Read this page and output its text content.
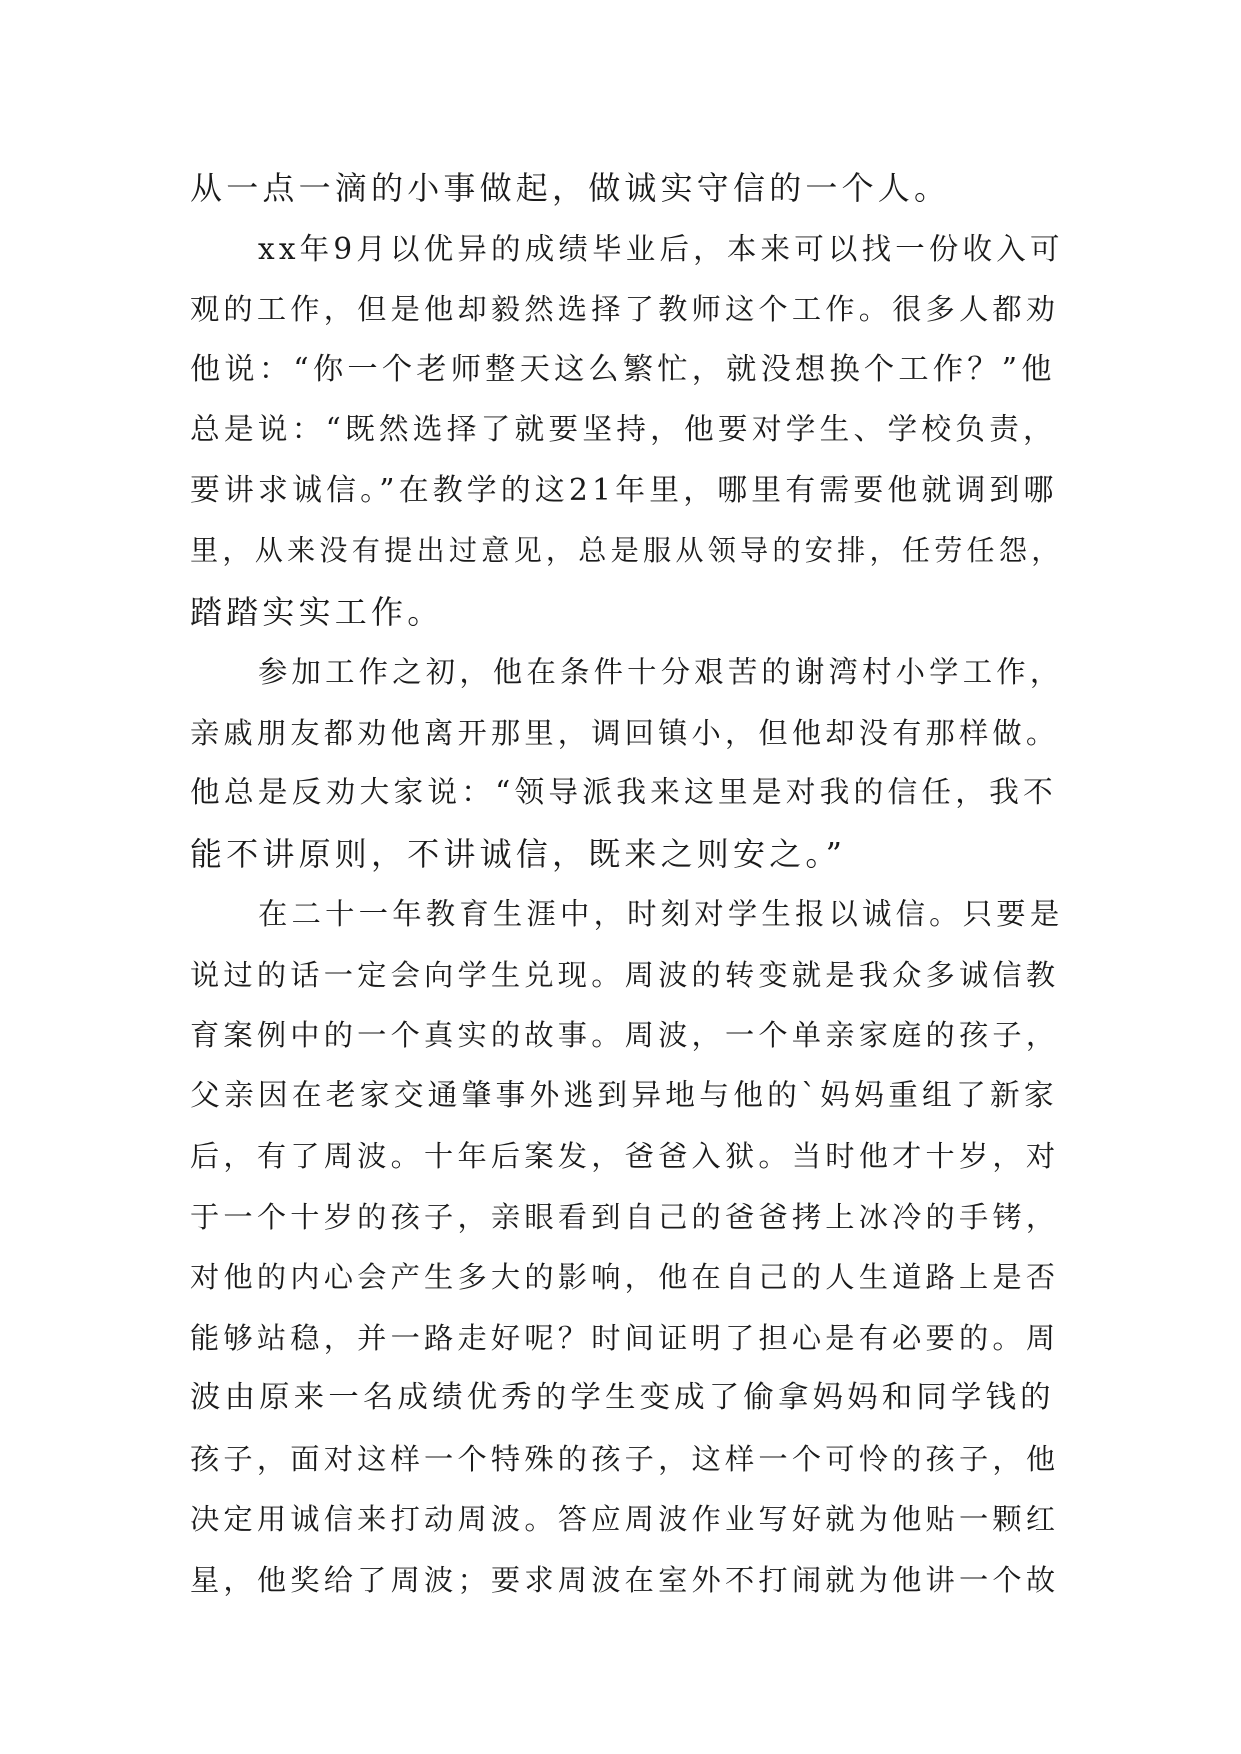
从一点一滴的小事做起，做诚实守信的一个人。
xx年9月以优异的成绩毕业后，本来可以找一份收入可
观的工作，但是他却毅然选择了教师这个工作。很多人都劝
他说：“你一个老师整天这么繁忙，就没想换个工作？”他
总是说：“既然选择了就要坚持，他要对学生、学校负责，
要讲求诚信。”在教学的这21年里，哪里有需要他就调到哪
里，从来没有提出过意见，总是服从领导的安排，任劳任怨，
踏踏实实工作。
参加工作之初，他在条件十分艰苦的谢湾村小学工作，
亲戚朋友都劝他离开那里，调回镇小，但他却没有那样做。
他总是反劝大家说：“领导派我来这里是对我的信任，我不
能不讲原则，不讲诚信，既来之则安之。”
在二十一年教育生涯中，时刻对学生报以诚信。只要是
说过的话一定会向学生兑现。周波的转变就是我众多诚信教
育案例中的一个真实的故事。周波，一个单亲家庭的孩子，
父亲因在老家交通肇事外逃到异地与他的`妈妈重组了新家
后，有了周波。十年后案发，爸爸入狱。当时他才十岁，对
于一个十岁的孩子，亲眼看到自己的爸爸拷上冰冷的手铐，
对他的内心会产生多大的影响，他在自己的人生道路上是否
能够站稳，并一路走好呢？时间证明了担心是有必要的。周
波由原来一名成绩优秀的学生变成了偷拿妈妈和同学钱的
孩子，面对这样一个特殊的孩子，这样一个可怜的孩子，他
决定用诚信来打动周波。答应周波作业写好就为他贴一颗红
星，他奖给了周波；要求周波在室外不打闹就为他讲一个故
